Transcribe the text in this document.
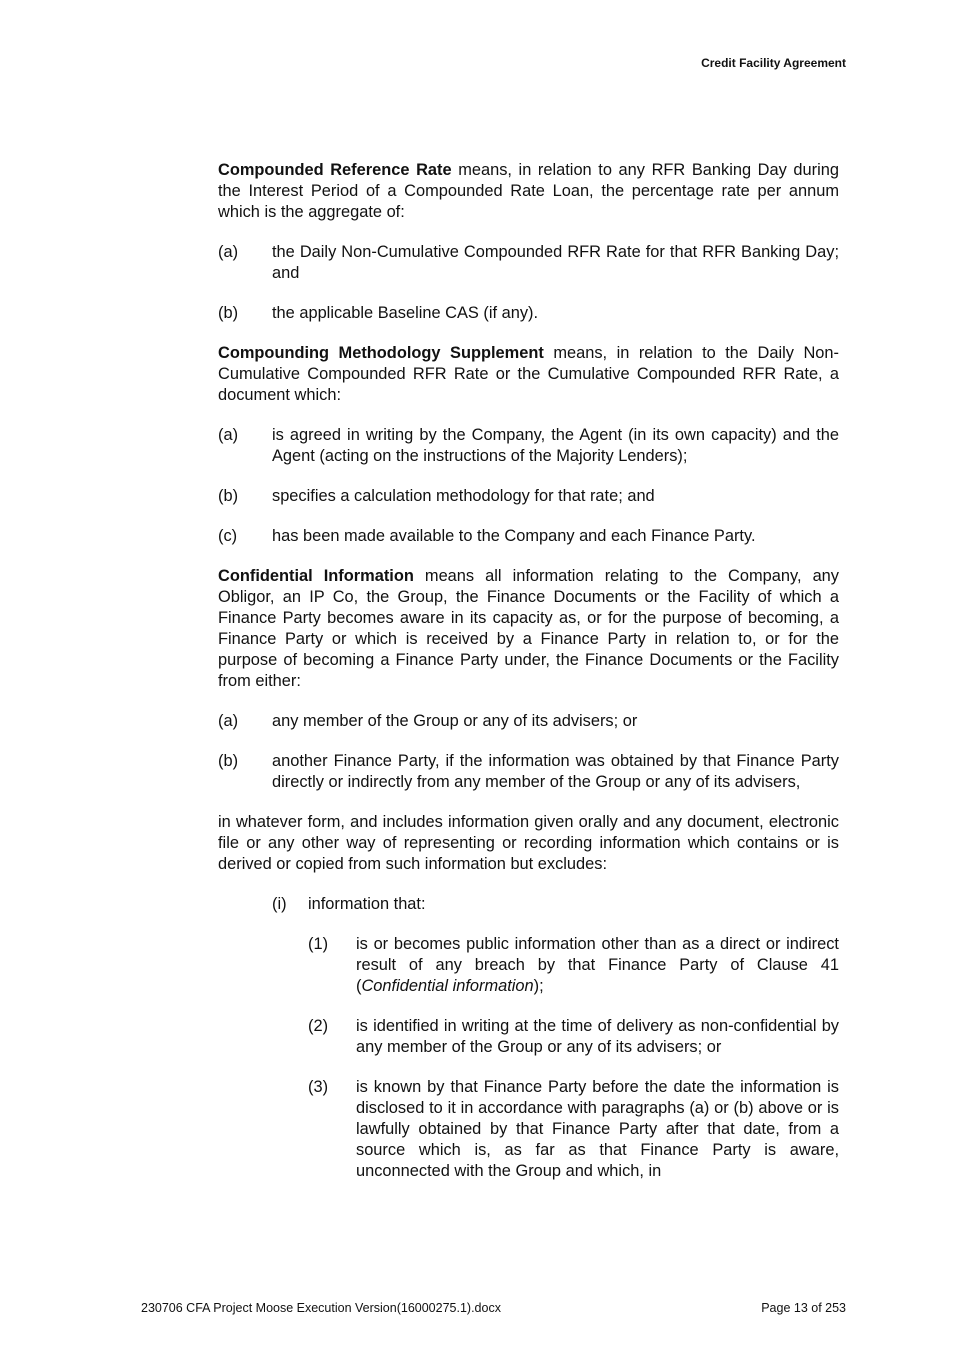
Credit Facility Agreement

Compounded Reference Rate means, in relation to any RFR Banking Day during the Interest Period of a Compounded Rate Loan, the percentage rate per annum which is the aggregate of:

(a)	the Daily Non-Cumulative Compounded RFR Rate for that RFR Banking Day; and
(b)	the applicable Baseline CAS (if any).

Compounding Methodology Supplement means, in relation to the Daily Non-Cumulative Compounded RFR Rate or the Cumulative Compounded RFR Rate, a document which:

(a)	is agreed in writing by the Company, the Agent (in its own capacity) and the Agent (acting on the instructions of the Majority Lenders);
(b)	specifies a calculation methodology for that rate; and
(c)	has been made available to the Company and each Finance Party.

Confidential Information means all information relating to the Company, any Obligor, an IP Co, the Group, the Finance Documents or the Facility of which a Finance Party becomes aware in its capacity as, or for the purpose of becoming, a Finance Party or which is received by a Finance Party in relation to, or for the purpose of becoming a Finance Party under, the Finance Documents or the Facility from either:

(a)	any member of the Group or any of its advisers; or
(b)	another Finance Party, if the information was obtained by that Finance Party directly or indirectly from any member of the Group or any of its advisers,

in whatever form, and includes information given orally and any document, electronic file or any other way of representing or recording information which contains or is derived or copied from such information but excludes:

(i)	information that:
(1)	is or becomes public information other than as a direct or indirect result of any breach by that Finance Party of Clause 41 (Confidential information);
(2)	is identified in writing at the time of delivery as non-confidential by any member of the Group or any of its advisers; or
(3)	is known by that Finance Party before the date the information is disclosed to it in accordance with paragraphs (a) or (b) above or is lawfully obtained by that Finance Party after that date, from a source which is, as far as that Finance Party is aware, unconnected with the Group and which, in
230706 CFA Project Moose Execution Version(16000275.1).docx	Page 13 of 253
